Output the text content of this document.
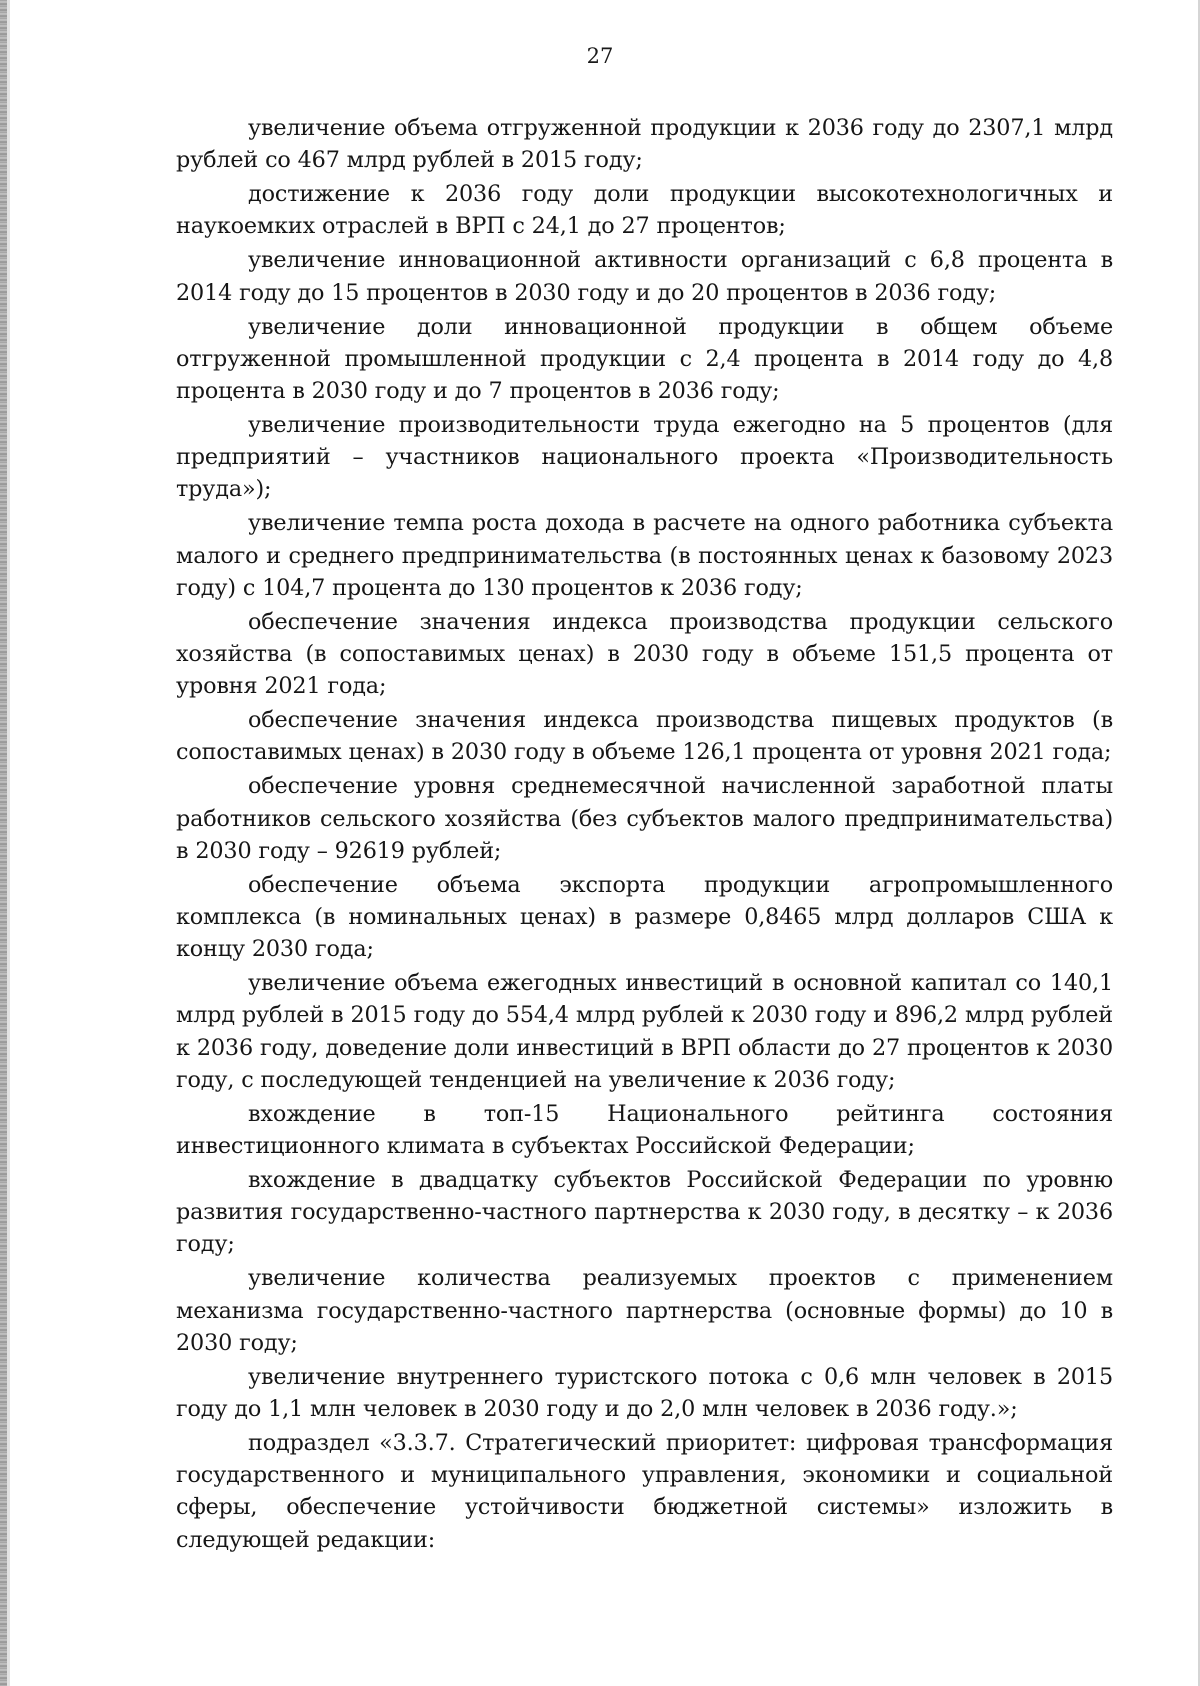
27

увеличение объема отгруженной продукции к 2036 году до 2307,1 млрд рублей со 467 млрд рублей в 2015 году;

достижение к 2036 году доли продукции высокотехнологичных и наукоемких отраслей в ВРП с 24,1 до 27 процентов;

увеличение инновационной активности организаций с 6,8 процента в 2014 году до 15 процентов в 2030 году и до 20 процентов в 2036 году;

увеличение доли инновационной продукции в общем объеме отгруженной промышленной продукции с 2,4 процента в 2014 году до 4,8 процента в 2030 году и до 7 процентов в 2036 году;

увеличение производительности труда ежегодно на 5 процентов (для предприятий – участников национального проекта «Производительность труда»);

увеличение темпа роста дохода в расчете на одного работника субъекта малого и среднего предпринимательства (в постоянных ценах к базовому 2023 году) с 104,7 процента до 130 процентов к 2036 году;

обеспечение значения индекса производства продукции сельского хозяйства (в сопоставимых ценах) в 2030 году в объеме 151,5 процента от уровня 2021 года;

обеспечение значения индекса производства пищевых продуктов (в сопоставимых ценах) в 2030 году в объеме 126,1 процента от уровня 2021 года;

обеспечение уровня среднемесячной начисленной заработной платы работников сельского хозяйства (без субъектов малого предпринимательства) в 2030 году – 92619 рублей;

обеспечение объема экспорта продукции агропромышленного комплекса (в номинальных ценах) в размере 0,8465 млрд долларов США к концу 2030 года;

увеличение объема ежегодных инвестиций в основной капитал со 140,1 млрд рублей в 2015 году до 554,4 млрд рублей к 2030 году и 896,2 млрд рублей к 2036 году, доведение доли инвестиций в ВРП области до 27 процентов к 2030 году, с последующей тенденцией на увеличение к 2036 году;

вхождение в топ-15 Национального рейтинга состояния инвестиционного климата в субъектах Российской Федерации;

вхождение в двадцатку субъектов Российской Федерации по уровню развития государственно-частного партнерства к 2030 году, в десятку – к 2036 году;

увеличение количества реализуемых проектов с применением механизма государственно-частного партнерства (основные формы) до 10 в 2030 году;

увеличение внутреннего туристского потока с 0,6 млн человек в 2015 году до 1,1 млн человек в 2030 году и до 2,0 млн человек в 2036 году.»;

подраздел «3.3.7. Стратегический приоритет: цифровая трансформация государственного и муниципального управления, экономики и социальной сферы, обеспечение устойчивости бюджетной системы» изложить в следующей редакции:
